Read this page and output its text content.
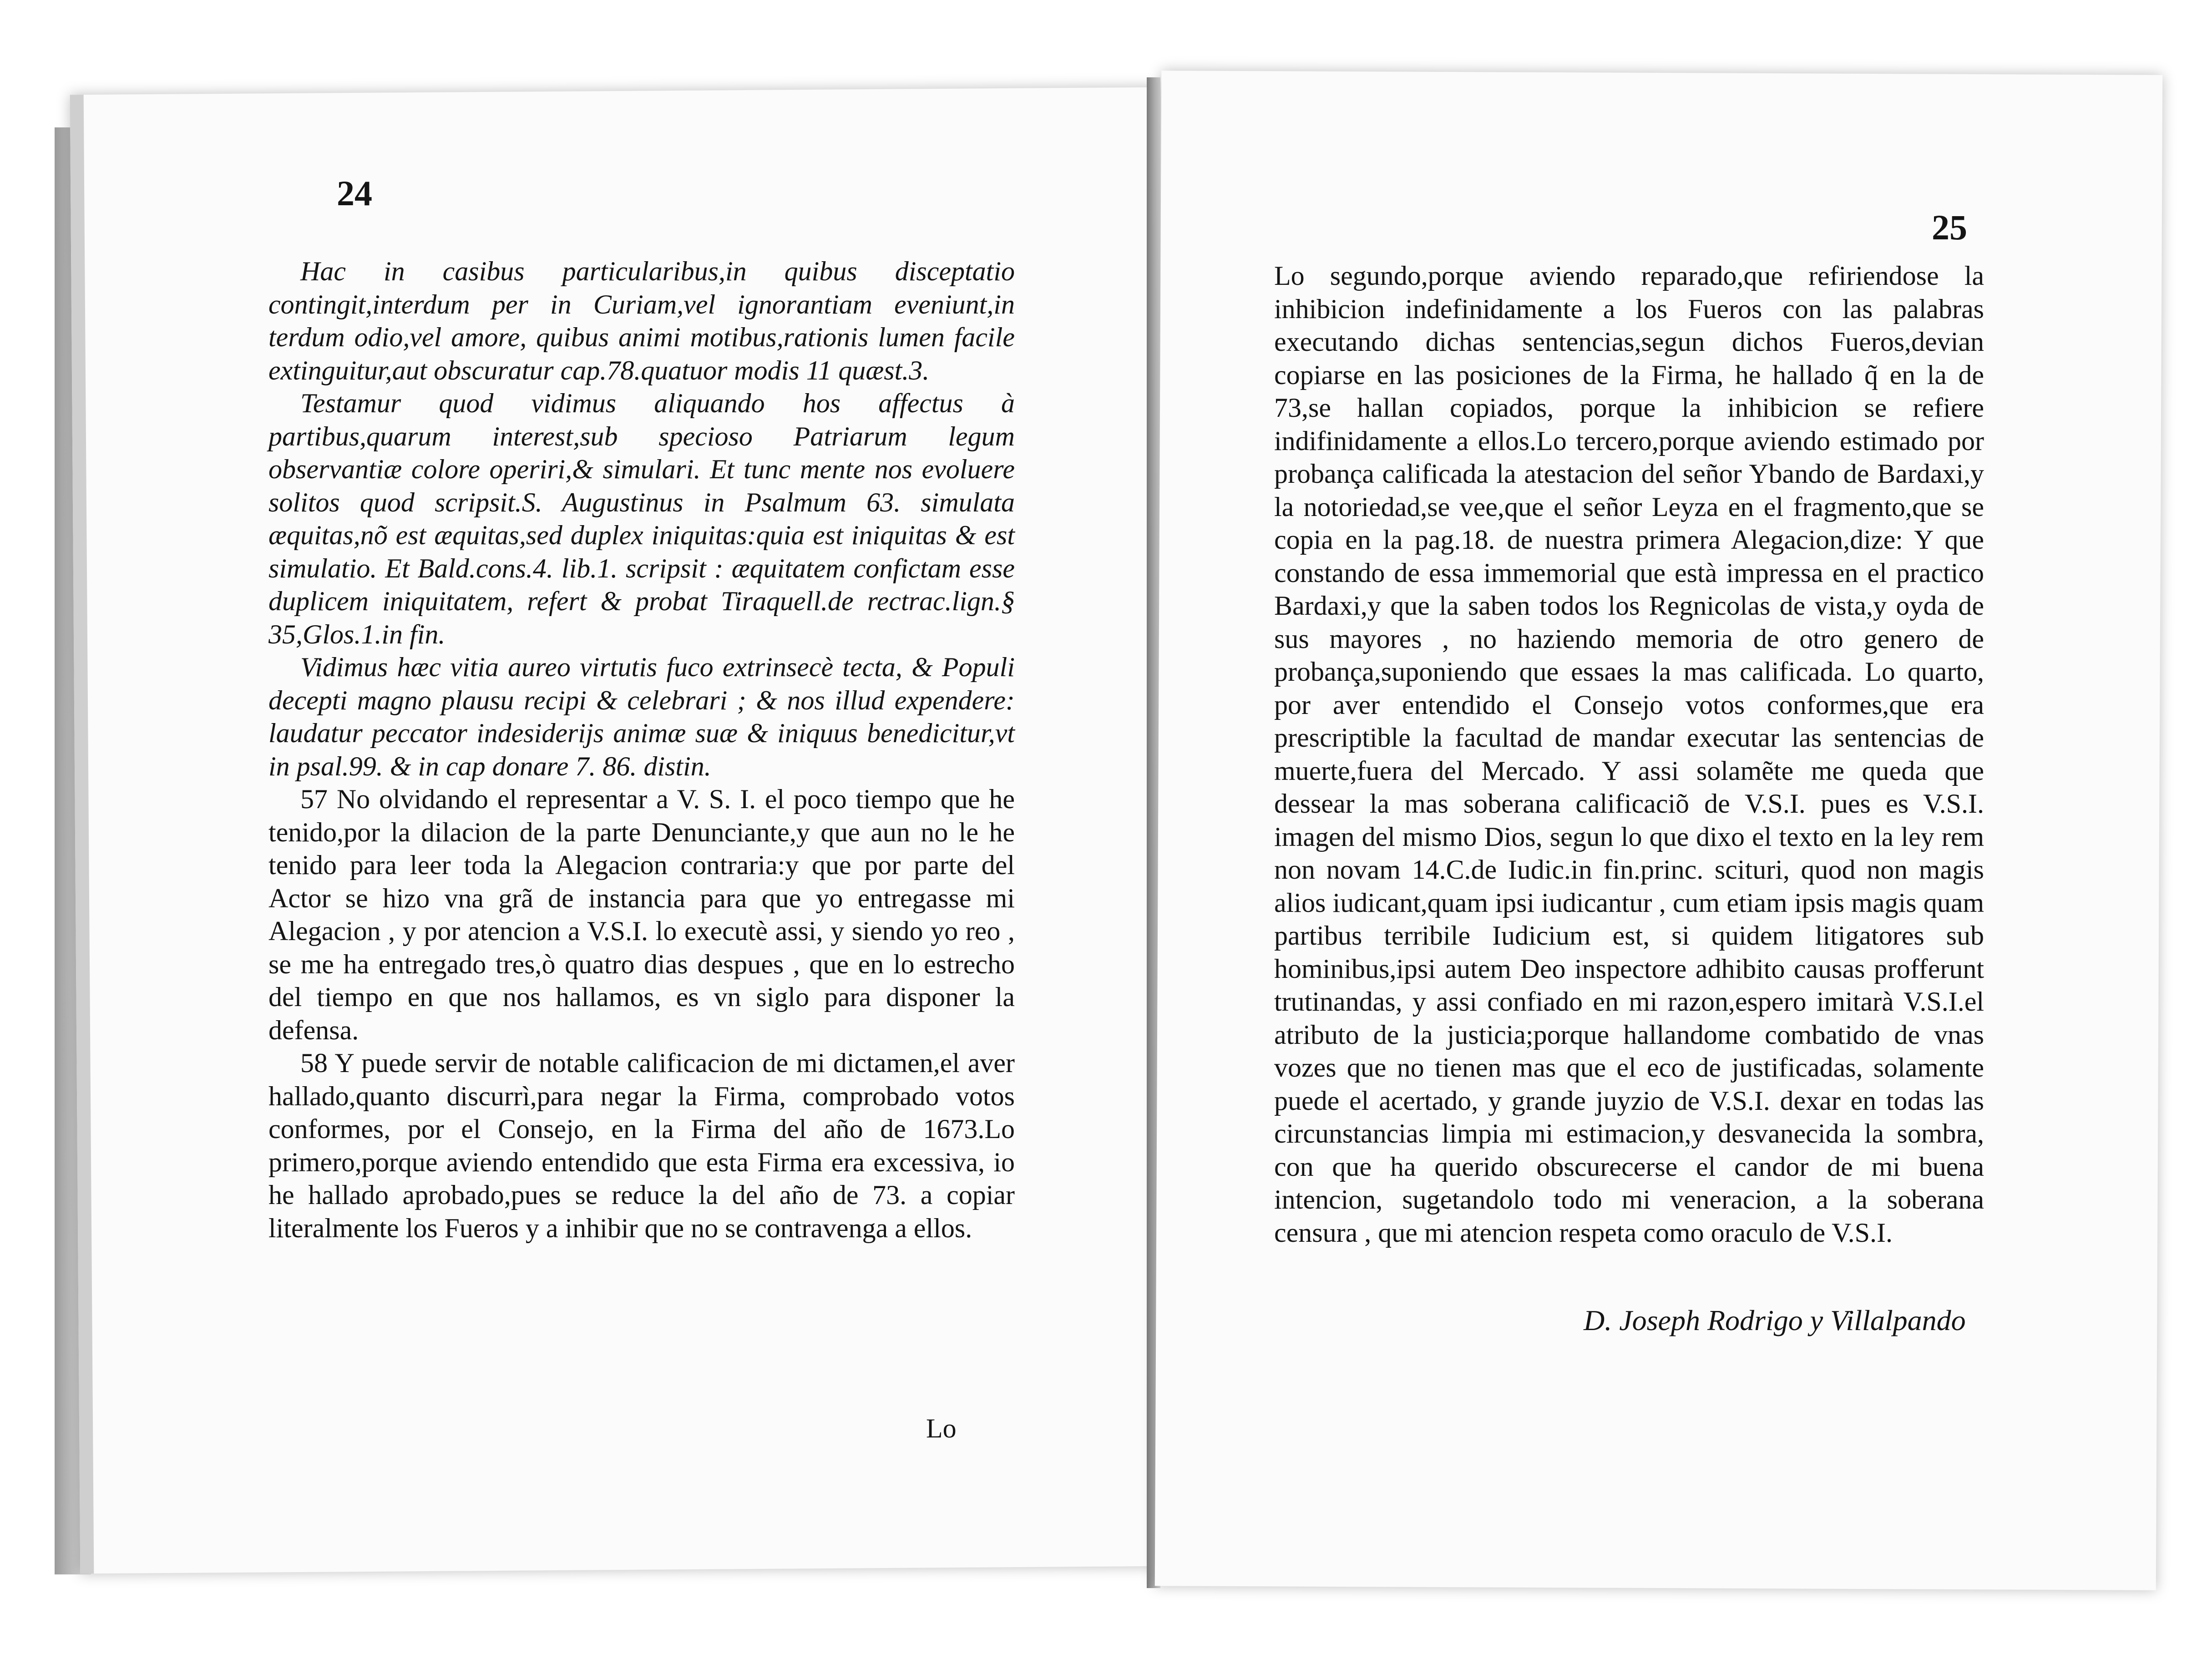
24

Hac in casibus particularibus,in quibus disceptatio contingit,interdum per in Curiam,vel ignorantiam eveniunt,in terdum odio,vel amore, quibus animi motibus,rationis lumen facile extinguitur,aut obscuratur cap.78.quatuor modis 11 quæst.3.

Testamur quod vidimus aliquando hos affectus à partibus,quarum interest,sub specioso Patriarum legum observantiæ colore operiri,& simulari. Et tunc mente nos evoluere solitos quod scripsit.S. Augustinus in Psalmum 63. simulata æquitas,nõ est æquitas,sed duplex iniquitas:quia est iniquitas & est simulatio. Et Bald.cons.4. lib.1. scripsit : æquitatem confictam esse duplicem iniquitatem, refert & probat Tiraquell.de rectrac.lign.§ 35,Glos.1.in fin.

Vidimus hæc vitia aureo virtutis fuco extrinsecè tecta, & Populi decepti magno plausu recipi & celebrari ; & nos illud expendere: laudatur peccator indesiderijs animæ suæ & iniquus benedicitur,vt in psal.99. & in cap donare 7. 86. distin.

57 No olvidando el representar a V. S. I. el poco tiempo que he tenido,por la dilacion de la parte Denunciante,y que aun no le he tenido para leer toda la Alegacion contraria:y que por parte del Actor se hizo vna grã de instancia para que yo entregasse mi Alegacion , y por atencion a V.S.I. lo executè assi, y siendo yo reo , se me ha entregado tres,ò quatro dias despues , que en lo estrecho del tiempo en que nos hallamos, es vn siglo para disponer la defensa.

58 Y puede servir de notable calificacion de mi dictamen,el aver hallado,quanto discurrì,para negar la Firma, comprobado votos conformes, por el Consejo, en la Firma del año de 1673.Lo primero,porque aviendo entendido que esta Firma era excessiva, io he hallado aprobado,pues se reduce la del año de 73. a copiar literalmente los Fueros y a inhibir que no se contravenga a ellos.

Lo
25

Lo segundo,porque aviendo reparado,que refiriendose la inhibicion indefinidamente a los Fueros con las palabras executando dichas sentencias,segun dichos Fueros,devian copiarse en las posiciones de la Firma, he hallado q̃ en la de 73,se hallan copiados, porque la inhibicion se refiere indifinidamente a ellos.Lo tercero,porque aviendo estimado por probança calificada la atestacion del señor Ybando de Bardaxi,y la notoriedad,se vee,que el señor Leyza en el fragmento,que se copia en la pag.18. de nuestra primera Alegacion,dize: Y que constando de essa immemorial que està impressa en el practico Bardaxi,y que la saben todos los Regnicolas de vista,y oyda de sus mayores , no haziendo memoria de otro genero de probança,suponiendo que essaes la mas calificada. Lo quarto, por aver entendido el Consejo votos conformes,que era prescriptible la facultad de mandar executar las sentencias de muerte,fuera del Mercado. Y assi solamẽte me queda que dessear la mas soberana calificaciõ de V.S.I. pues es V.S.I. imagen del mismo Dios, segun lo que dixo el texto en la ley rem non novam 14.C.de Iudic.in fin.princ. scituri, quod non magis alios iudicant,quam ipsi iudicantur , cum etiam ipsis magis quam partibus terribile Iudicium est, si quidem litigatores sub hominibus,ipsi autem Deo inspectore adhibito causas profferunt trutinandas, y assi confiado en mi razon,espero imitarà V.S.I.el atributo de la justicia;porque hallandome combatido de vnas vozes que no tienen mas que el eco de justificadas, solamente puede el acertado, y grande juyzio de V.S.I. dexar en todas las circunstancias limpia mi estimacion,y desvanecida la sombra, con que ha querido obscurecerse el candor de mi buena intencion, sugetandolo todo mi veneracion, a la soberana censura , que mi atencion respeta como oraculo de V.S.I.

D. Joseph Rodrigo y Villalpando
